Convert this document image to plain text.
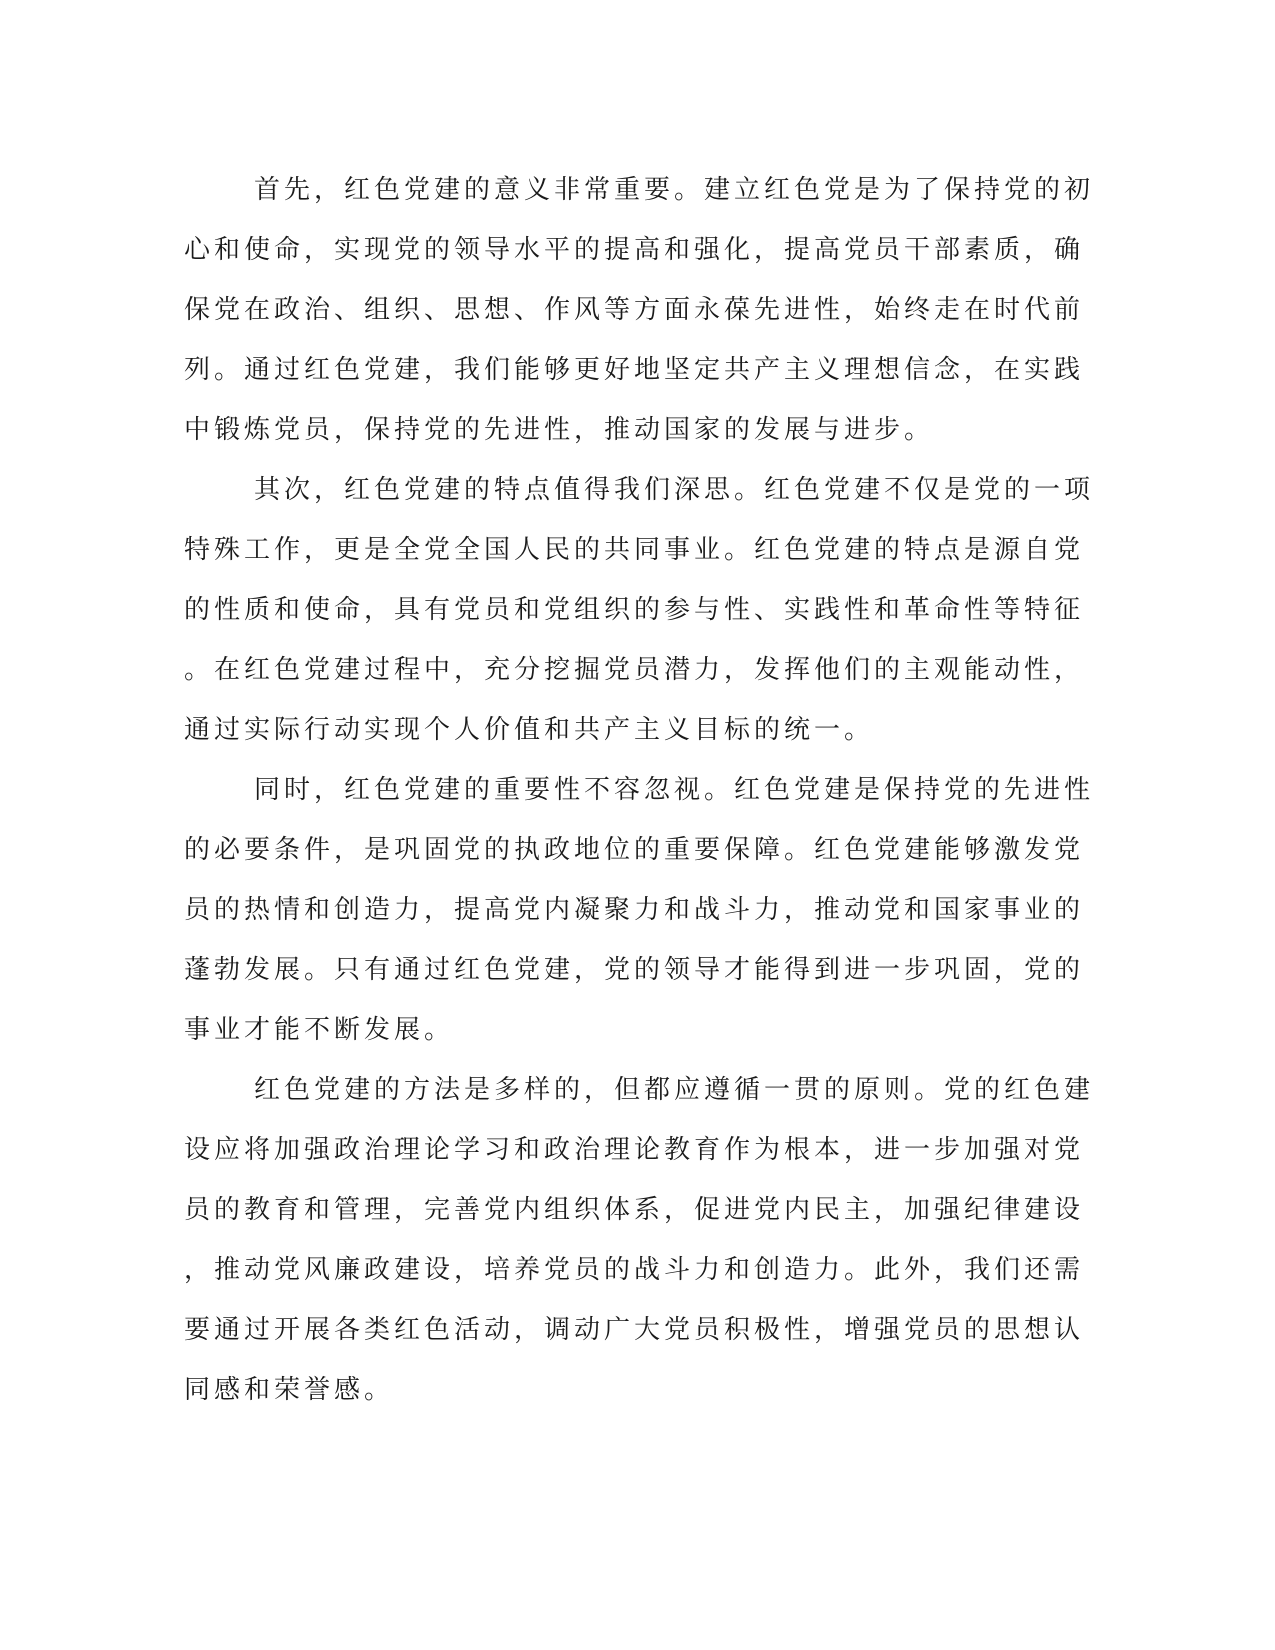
首先，红色党建的意义非常重要。建立红色党是为了保持党的初
心和使命，实现党的领导水平的提高和强化，提高党员干部素质，确
保党在政治、组织、思想、作风等方面永葆先进性，始终走在时代前
列。通过红色党建，我们能够更好地坚定共产主义理想信念，在实践
中锻炼党员，保持党的先进性，推动国家的发展与进步。
其次，红色党建的特点值得我们深思。红色党建不仅是党的一项
特殊工作，更是全党全国人民的共同事业。红色党建的特点是源自党
的性质和使命，具有党员和党组织的参与性、实践性和革命性等特征
。在红色党建过程中，充分挖掘党员潜力，发挥他们的主观能动性，
通过实际行动实现个人价值和共产主义目标的统一。
同时，红色党建的重要性不容忽视。红色党建是保持党的先进性
的必要条件，是巩固党的执政地位的重要保障。红色党建能够激发党
员的热情和创造力，提高党内凝聚力和战斗力，推动党和国家事业的
蓬勃发展。只有通过红色党建，党的领导才能得到进一步巩固，党的
事业才能不断发展。
红色党建的方法是多样的，但都应遵循一贯的原则。党的红色建
设应将加强政治理论学习和政治理论教育作为根本，进一步加强对党
员的教育和管理，完善党内组织体系，促进党内民主，加强纪律建设
，推动党风廉政建设，培养党员的战斗力和创造力。此外，我们还需
要通过开展各类红色活动，调动广大党员积极性，增强党员的思想认
同感和荣誉感。
